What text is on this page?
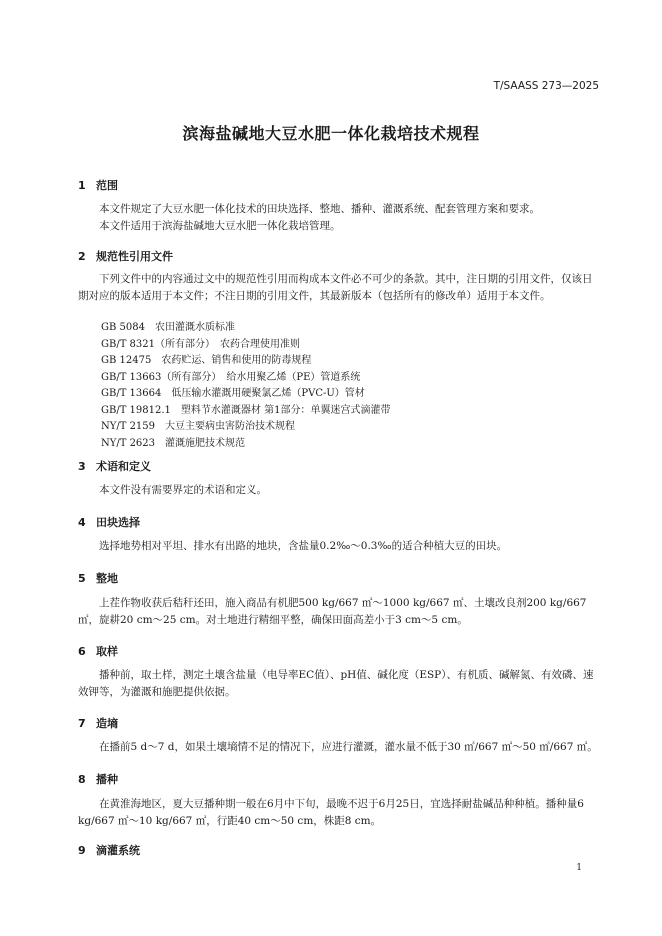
T/SAASS 273—2025
滨海盐碱地大豆水肥一体化栽培技术规程
1 范围

本文件规定了大豆水肥一体化技术的田块选择、整地、播种、灌溉系统、配套管理方案和要求。

本文件适用于滨海盐碱地大豆水肥一体化栽培管理。

2 规范性引用文件

下列文件中的内容通过文中的规范性引用而构成本文件必不可少的条款。其中，注日期的引用文件，仅该日期对应的版本适用于本文件；不注日期的引用文件，其最新版本（包括所有的修改单）适用于本文件。

GB 5084　农田灌溉水质标准
GB/T 8321（所有部分）　农药合理使用准则
GB 12475　农药贮运、销售和使用的防毒规程
GB/T 13663（所有部分）　给水用聚乙烯（PE）管道系统
GB/T 13664　低压输水灌溉用硬聚氯乙烯（PVC-U）管材
GB/T 19812.1　塑料节水灌溉器材 第1部分：单翼迷宫式滴灌带
NY/T 2159　大豆主要病虫害防治技术规程
NY/T 2623　灌溉施肥技术规范
3 术语和定义

本文件没有需要界定的术语和定义。

4 田块选择

选择地势相对平坦、排水有出路的地块，含盐量0.2‰～0.3‰的适合种植大豆的田块。

5 整地

上茬作物收获后秸秆还田，施入商品有机肥500 kg/667 ㎡～1000 kg/667 ㎡、土壤改良剂200 kg/667 ㎡，旋耕20 cm～25 cm。对土地进行精细平整，确保田面高差小于3 cm～5 cm。

6 取样

播种前，取土样，测定土壤含盐量（电导率EC值）、pH值、碱化度（ESP）、有机质、碱解氮、有效磷、速效钾等，为灌溉和施肥提供依据。

7 造墒

在播前5 d～7 d，如果土壤墒情不足的情况下，应进行灌溉，灌水量不低于30 ㎥/667 ㎡～50 ㎥/667 ㎡。

8 播种

在黄淮海地区，夏大豆播种期一般在6月中下旬，最晚不迟于6月25日，宜选择耐盐碱品种种植。播种量6 kg/667 ㎡～10 kg/667 ㎡，行距40 cm～50 cm，株距8 cm。

9 滴灌系统
1
